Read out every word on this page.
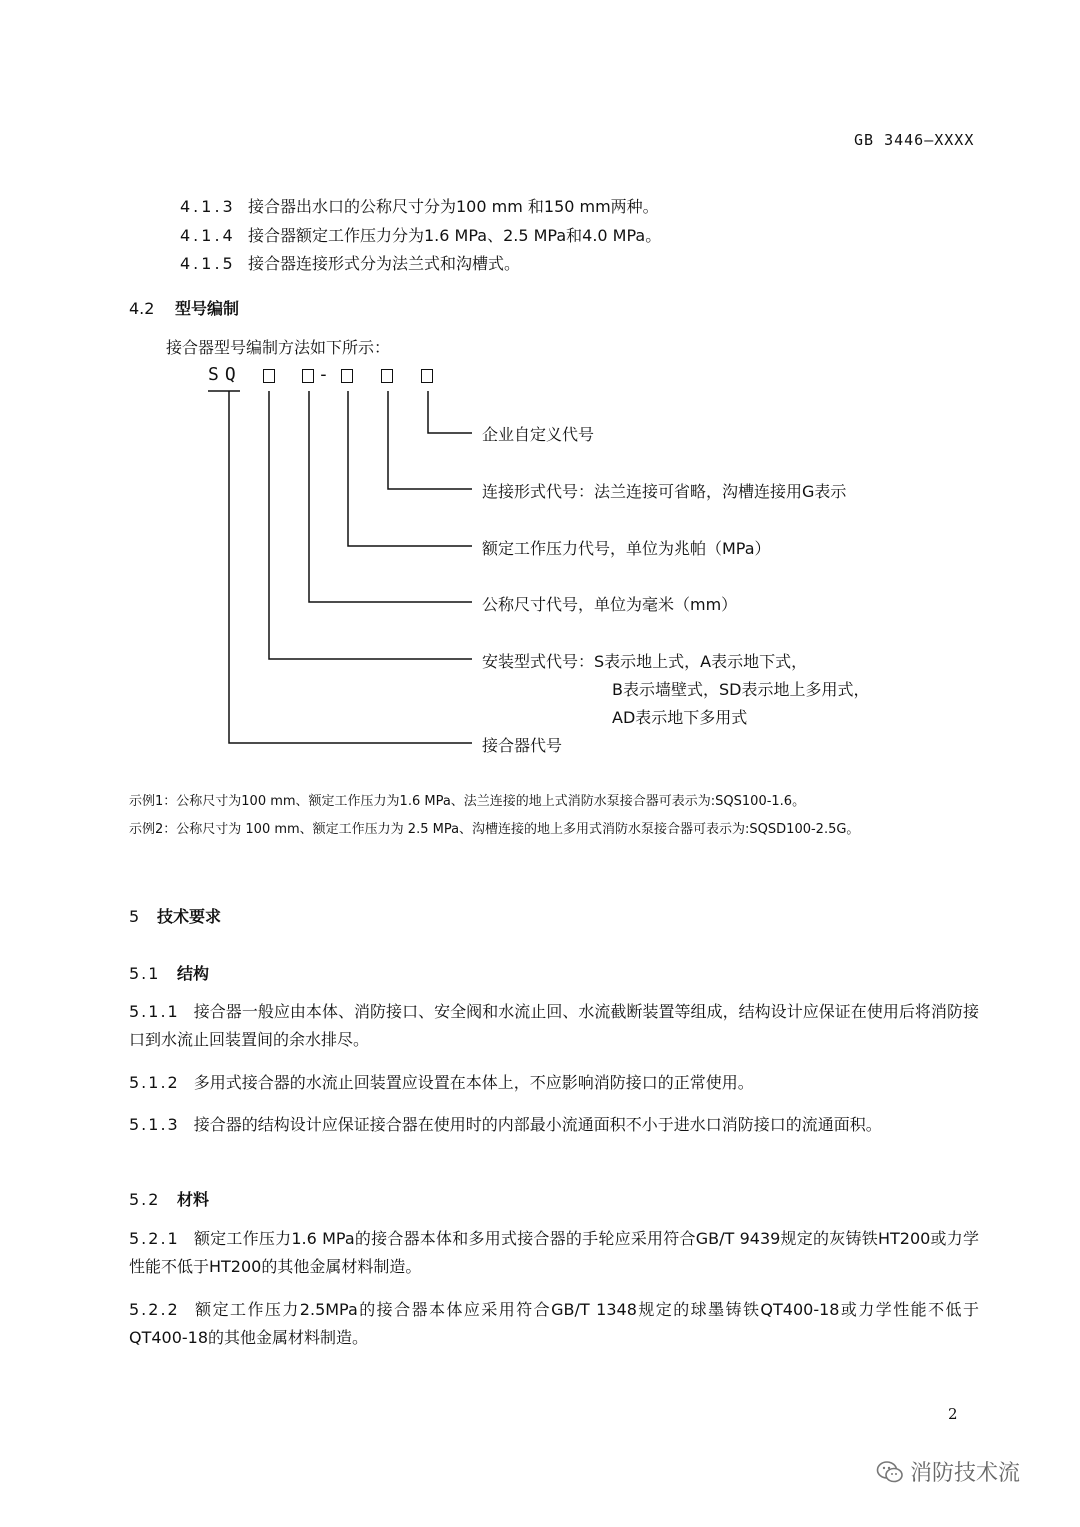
GB 3446—XXXX
4.1.3 接合器出水口的公称尺寸分为100 mm 和150 mm两种。
4.1.4 接合器额定工作压力分为1.6 MPa、2.5 MPa和4.0 MPa。
4.1.5 接合器连接形式分为法兰式和沟槽式。
4.2 型号编制
接合器型号编制方法如下所示：
SQ	-
企业自定义代号
连接形式代号：法兰连接可省略，沟槽连接用G表示
额定工作压力代号，单位为兆帕（MPa）
公称尺寸代号，单位为毫米（mm）
安装型式代号：S表示地上式，A表示地下式，
B表示墙壁式，SD表示地上多用式，
AD表示地下多用式
接合器代号
示例1：公称尺寸为100 mm、额定工作压力为1.6 MPa、法兰连接的地上式消防水泵接合器可表示为:SQS100-1.6。
示例2：公称尺寸为 100 mm、额定工作压力为 2.5 MPa、沟槽连接的地上多用式消防水泵接合器可表示为:SQSD100-2.5G。
5 技术要求
5.1 结构
5.1.1 接合器一般应由本体、消防接口、安全阀和水流止回、水流截断装置等组成，结构设计应保证在使用后将消防接口到水流止回装置间的余水排尽。
5.1.2 多用式接合器的水流止回装置应设置在本体上，不应影响消防接口的正常使用。
5.1.3 接合器的结构设计应保证接合器在使用时的内部最小流通面积不小于进水口消防接口的流通面积。
5.2 材料
5.2.1 额定工作压力1.6 MPa的接合器本体和多用式接合器的手轮应采用符合GB/T 9439规定的灰铸铁HT200或力学性能不低于HT200的其他金属材料制造。
5.2.2 额定工作压力2.5MPa的接合器本体应采用符合GB/T 1348规定的球墨铸铁QT400-18或力学性能不低于QT400-18的其他金属材料制造。
2
消防技术流
